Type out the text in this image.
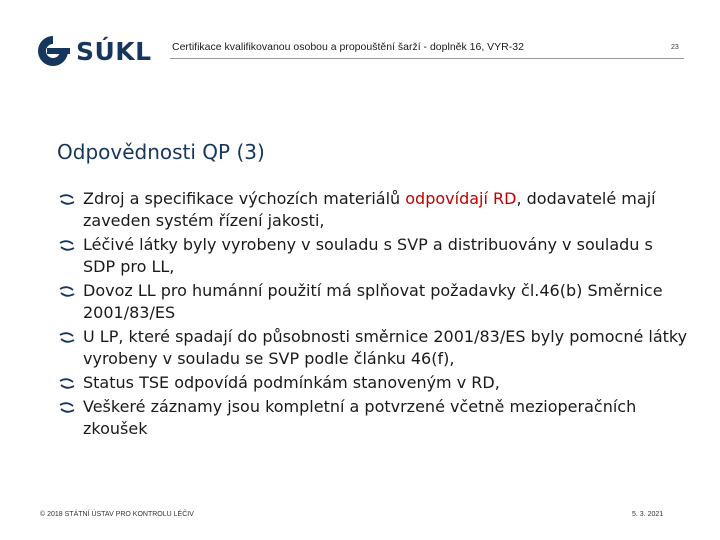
SÚKL Certifikace kvalifikovanou osobou a propouštění šarží - doplněk 16, VYR-32	23
Odpovědnosti QP (3)
Zdroj a specifikace výchozích materiálů odpovídají RD, dodavatelé mají zaveden systém řízení jakosti,
Léčivé látky byly vyrobeny v souladu s SVP a distribuovány v souladu s SDP pro LL,
Dovoz LL pro humánní použití má splňovat požadavky čl.46(b) Směrnice 2001/83/ES
U LP, které spadají do působnosti směrnice 2001/83/ES byly pomocné látky vyrobeny v souladu se SVP podle článku 46(f),
Status TSE odpovídá podmínkám stanoveným v RD,
Veškeré záznamy jsou kompletní a potvrzené včetně mezioperačních zkoušek
© 2018 STÁTNÍ ÚSTAV PRO KONTROLU LÉČIV	5. 3. 2021
